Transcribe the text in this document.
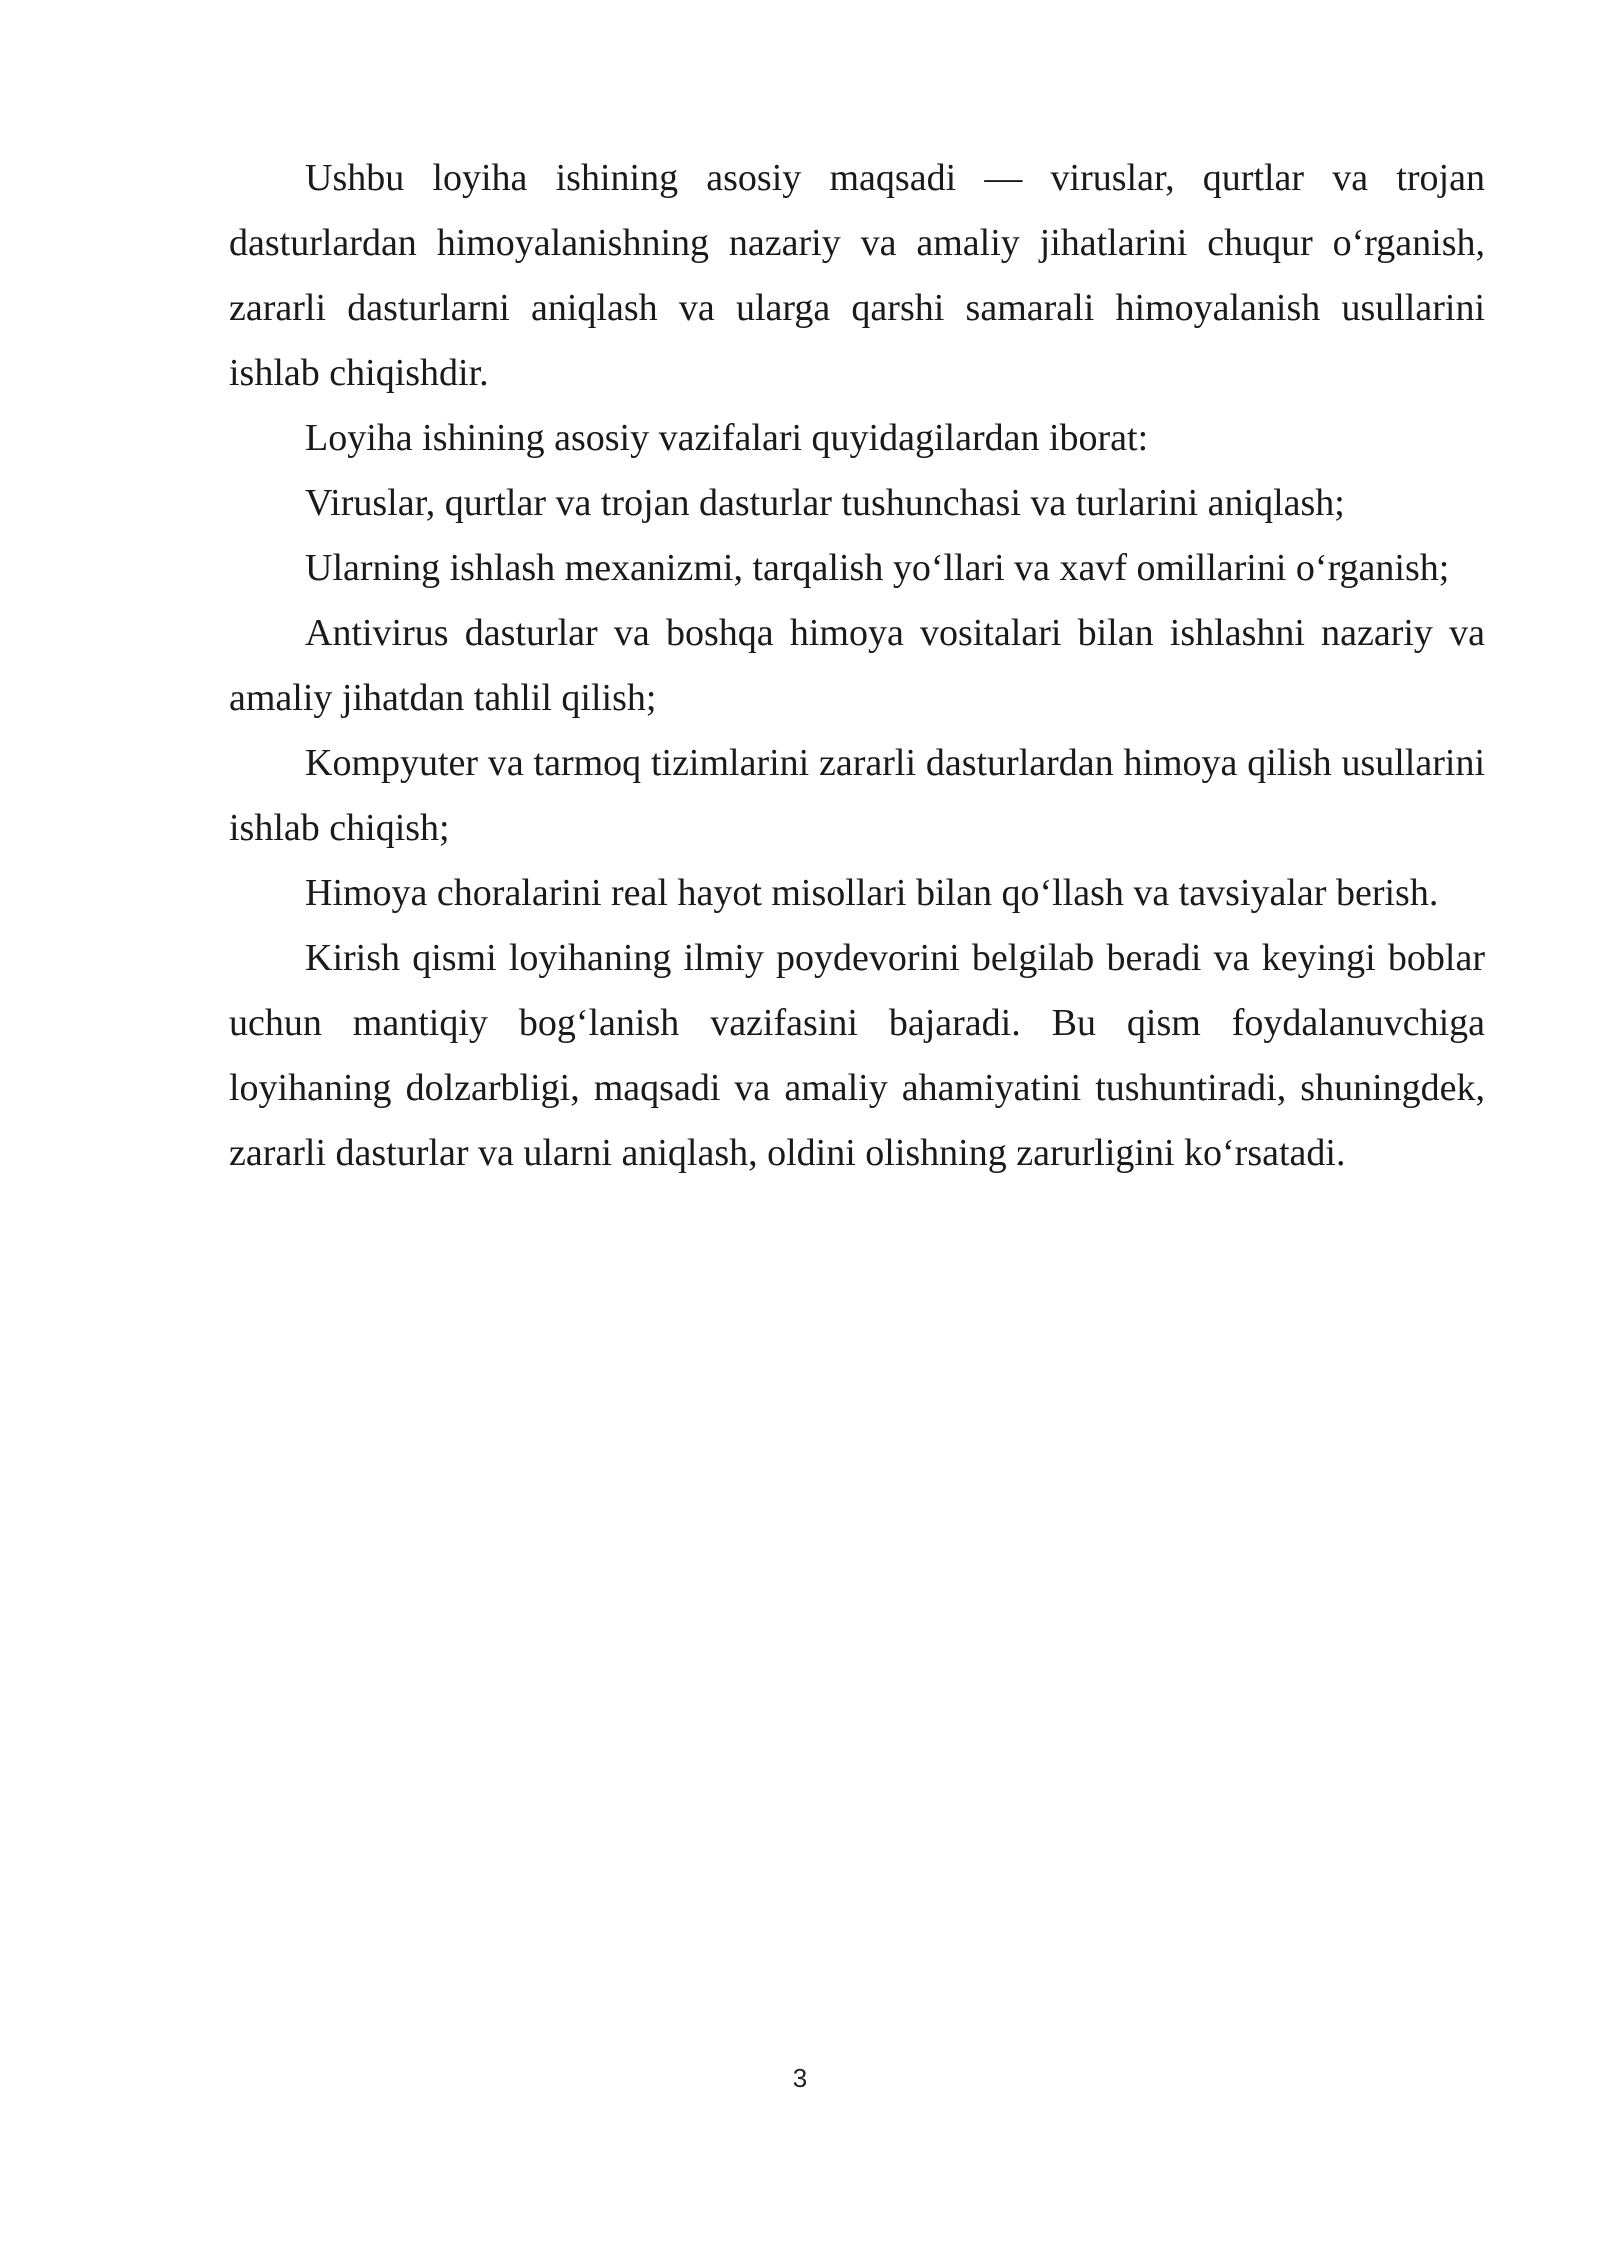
Ushbu loyiha ishining asosiy maqsadi — viruslar, qurtlar va trojan dasturlardan himoyalanishning nazariy va amaliy jihatlarini chuqur o‘rganish, zararli dasturlarni aniqlash va ularga qarshi samarali himoyalanish usullarini ishlab chiqishdir.

Loyiha ishining asosiy vazifalari quyidagilardan iborat:

Viruslar, qurtlar va trojan dasturlar tushunchasi va turlarini aniqlash;

Ularning ishlash mexanizmi, tarqalish yo‘llari va xavf omillarini o‘rganish;

Antivirus dasturlar va boshqa himoya vositalari bilan ishlashni nazariy va amaliy jihatdan tahlil qilish;

Kompyuter va tarmoq tizimlarini zararli dasturlardan himoya qilish usullarini ishlab chiqish;

Himoya choralarini real hayot misollari bilan qo‘llash va tavsiyalar berish.

Kirish qismi loyihaning ilmiy poydevorini belgilab beradi va keyingi boblar uchun mantiqiy bog‘lanish vazifasini bajaradi. Bu qism foydalanuvchiga loyihaning dolzarbligi, maqsadi va amaliy ahamiyatini tushuntiradi, shuningdek, zararli dasturlar va ularni aniqlash, oldini olishning zarurligini ko‘rsatadi.

3
